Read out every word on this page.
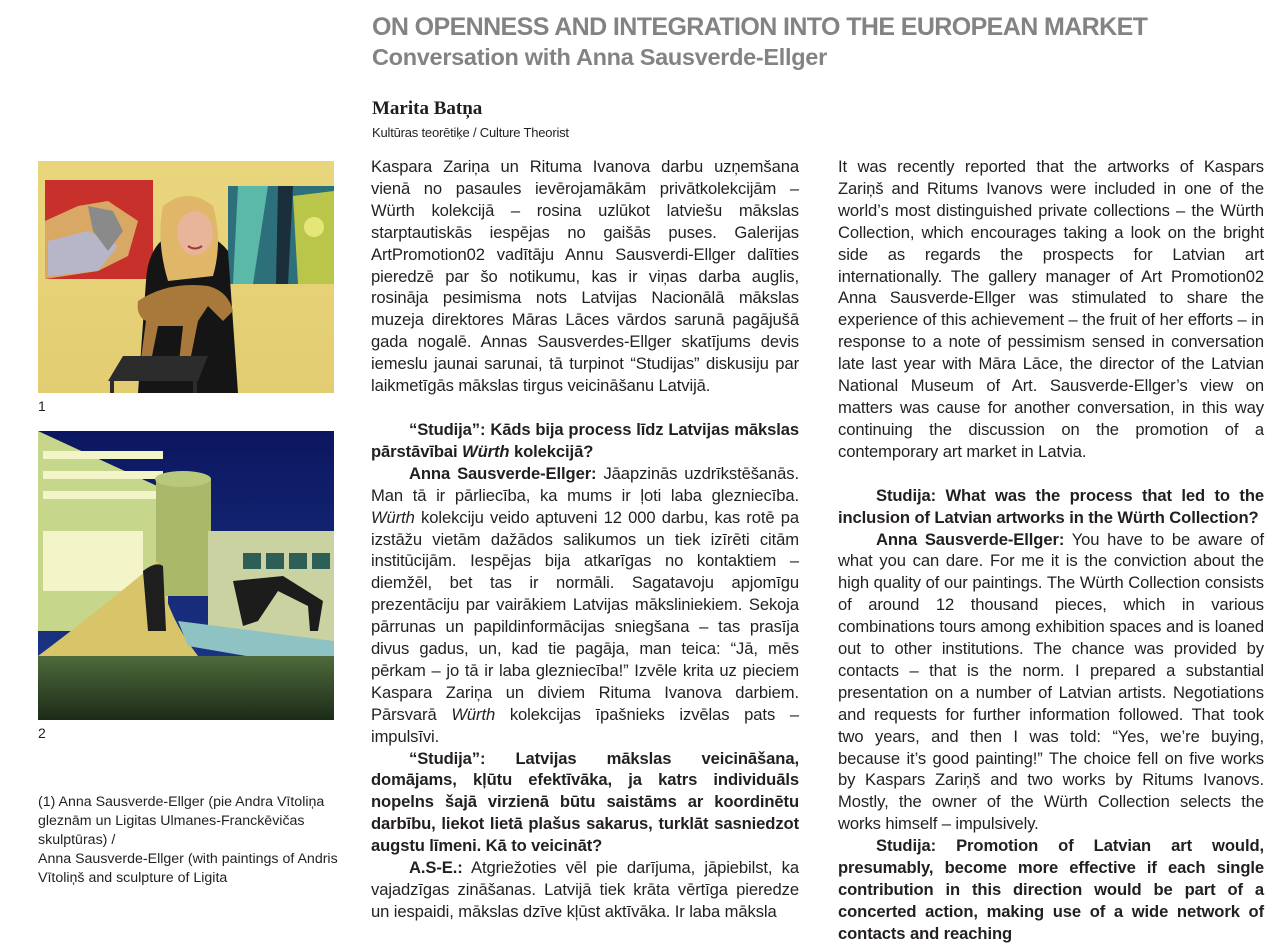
ON OPENNESS AND INTEGRATION INTO THE EUROPEAN MARKET
Conversation with Anna Sausverde-Ellger
Marita Batņa
Kultūras teorētiķe / Culture Theorist
1
2
(1) Anna Sausverde-Ellger (pie Andra Vītoliņa gleznām un Ligitas Ulmanes-Franckēvičas skulptūras) /
Anna Sausverde-Ellger (with paintings of Andris Vītoliņš and sculpture of Ligita

Kaspara Zariņa un Rituma Ivanova darbu uzņemšana vienā no pasaules ievērojamākām privātkolekcijām – Würth kolekcijā – rosina uzlūkot latviešu mākslas starptautiskās iespējas no gaišās puses. Galerijas ArtPromotion02 vadītāju Annu Sausverdi-Ellger dalīties pieredzē par šo notikumu, kas ir viņas darba auglis, rosināja pesimisma nots Latvijas Nacionālā mākslas muzeja direktores Māras Lāces vārdos sarunā pagājušā gada nogalē. Annas Sausverdes-Ellger skatījums devis iemeslu jaunai sarunai, tā turpinot “Studijas” diskusiju par laikmetīgās mākslas tirgus veicināšanu Latvijā.

“Studija”: Kāds bija process līdz Latvijas mākslas pārstāvībai Würth kolekcijā?

Anna Sausverde-Ellger: Jāapzinās uzdrīkstēšanās. Man tā ir pārliecība, ka mums ir ļoti laba glezniecība. Würth kolekciju veido aptuveni 12 000 darbu, kas rotē pa izstāžu vietām dažādos salikumos un tiek izīrēti citām institūcijām. Iespējas bija atkarīgas no kontaktiem – diemžēl, bet tas ir normāli. Sagatavoju apjomīgu prezentāciju par vairākiem Latvijas māksliniekiem. Sekoja pārrunas un papildinformācijas sniegšana – tas prasīja divus gadus, un, kad tie pagāja, man teica: “Jā, mēs pērkam – jo tā ir laba glezniecība!” Izvēle krita uz pieciem Kaspara Zariņa un diviem Rituma Ivanova darbiem. Pārsvarā Würth kolekcijas īpašnieks izvēlas pats – impulsīvi.

“Studija”: Latvijas mākslas veicināšana, domājams, kļūtu efektīvāka, ja katrs individuāls nopelns šajā virzienā būtu saistāms ar koordinētu darbību, liekot lietā plašus sakarus, turklāt sasniedzot augstu līmeni. Kā to veicināt?

A.S-E.: Atgriežoties vēl pie darījuma, jāpiebilst, ka vajadzīgas zināšanas. Latvijā tiek krāta vērtīga pieredze un iespaidi, mākslas dzīve kļūst aktīvāka. Ir laba māksla

It was recently reported that the artworks of Kaspars Zariņš and Ritums Ivanovs were included in one of the world’s most distinguished private collections – the Würth Collection, which encourages taking a look on the bright side as regards the prospects for Latvian art internationally. The gallery manager of Art Promotion02 Anna Sausverde-Ellger was stimulated to share the experience of this achievement – the fruit of her efforts – in response to a note of pessimism sensed in conversation late last year with Māra Lāce, the director of the Latvian National Museum of Art. Sausverde-Ellger’s view on matters was cause for another conversation, in this way continuing the discussion on the promotion of a contemporary art market in Latvia.

Studija: What was the process that led to the inclusion of Latvian artworks in the Würth Collection?

Anna Sausverde-Ellger: You have to be aware of what you can dare. For me it is the conviction about the high quality of our paintings. The Würth Collection consists of around 12 thousand pieces, which in various combinations tours among exhibition spaces and is loaned out to other institutions. The chance was provided by contacts – that is the norm. I prepared a substantial presentation on a number of Latvian artists. Negotiations and requests for further information followed. That took two years, and then I was told: “Yes, we’re buying, because it’s good painting!” The choice fell on five works by Kaspars Zariņš and two works by Ritums Ivanovs. Mostly, the owner of the Würth Collection selects the works himself – impulsively.

Studija: Promotion of Latvian art would, presumably, become more effective if each single contribution in this direction would be part of a concerted action, making use of a wide network of contacts and reaching
